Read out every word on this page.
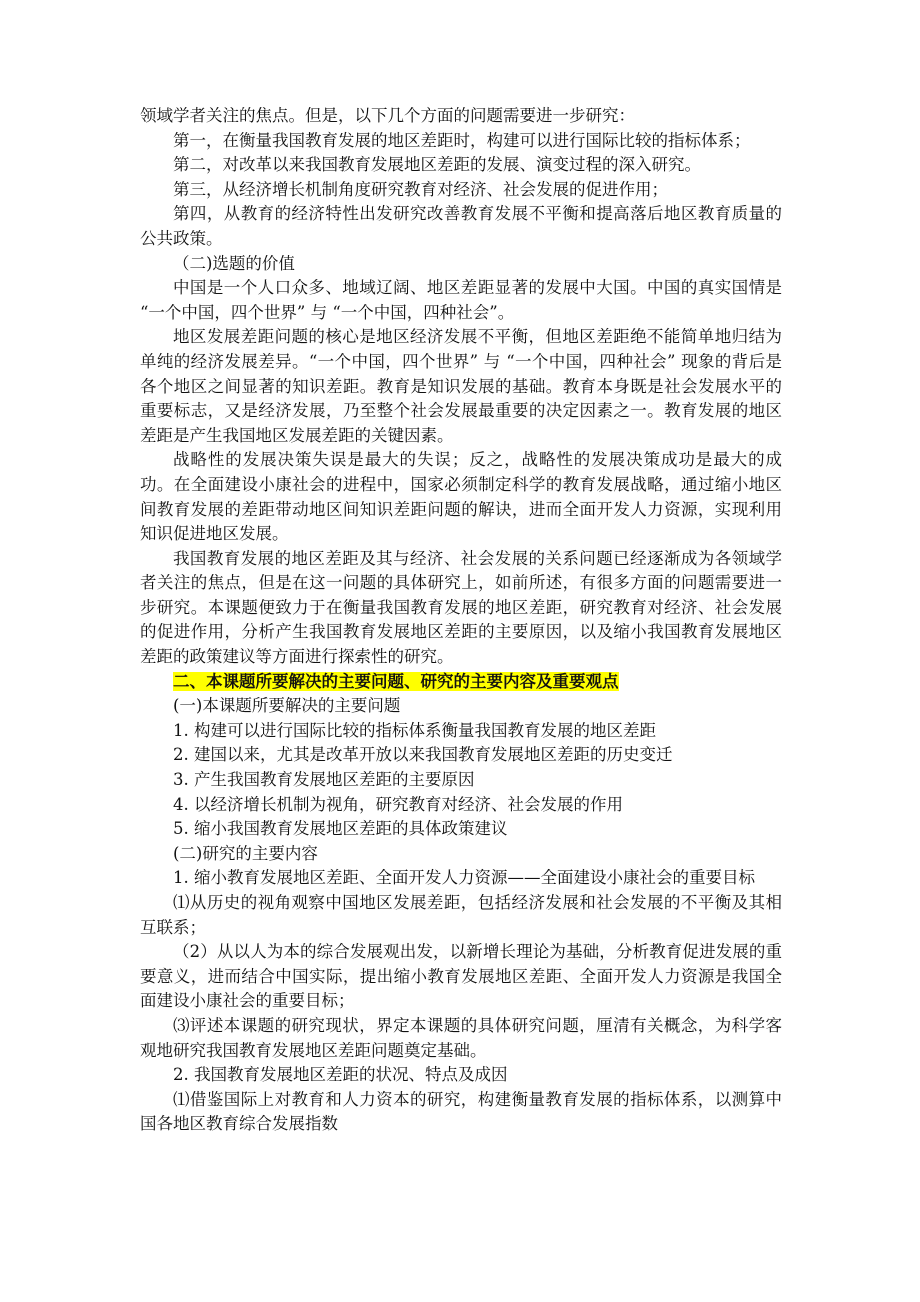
领域学者关注的焦点。但是，以下几个方面的问题需要进一步研究：

第一，在衡量我国教育发展的地区差距时，构建可以进行国际比较的指标体系；

第二，对改革以来我国教育发展地区差距的发展、演变过程的深入研究。

第三，从经济增长机制角度研究教育对经济、社会发展的促进作用；

第四，从教育的经济特性出发研究改善教育发展不平衡和提高落后地区教育质量的公共政策。

（二)选题的价值

中国是一个人口众多、地域辽阔、地区差距显著的发展中大国。中国的真实国情是 “一个中国，四个世界” 与 “一个中国，四种社会”。

地区发展差距问题的核心是地区经济发展不平衡，但地区差距绝不能简单地归结为单纯的经济发展差异。“一个中国，四个世界” 与 “一个中国，四种社会” 现象的背后是各个地区之间显著的知识差距。教育是知识发展的基础。教育本身既是社会发展水平的重要标志，又是经济发展，乃至整个社会发展最重要的决定因素之一。教育发展的地区差距是产生我国地区发展差距的关键因素。

战略性的发展决策失误是最大的失误；反之，战略性的发展决策成功是最大的成功。在全面建设小康社会的进程中，国家必须制定科学的教育发展战略，通过缩小地区间教育发展的差距带动地区间知识差距问题的解诀，进而全面开发人力资源，实现利用知识促进地区发展。

我国教育发展的地区差距及其与经济、社会发展的关系问题已经逐渐成为各领域学者关注的焦点，但是在这一问题的具体研究上，如前所述，有很多方面的问题需要进一步研究。本课题便致力于在衡量我国教育发展的地区差距，研究教育对经济、社会发展的促进作用，分析产生我国教育发展地区差距的主要原因，以及缩小我国教育发展地区差距的政策建议等方面进行探索性的研究。

二、本课题所要解决的主要问题、研究的主要内容及重要观点

(一)本课题所要解决的主要问题

1. 构建可以进行国际比较的指标体系衡量我国教育发展的地区差距

2. 建国以来，尤其是改革开放以来我国教育发展地区差距的历史变迁

3. 产生我国教育发展地区差距的主要原因

4. 以经济增长机制为视角，研究教育对经济、社会发展的作用

5. 缩小我国教育发展地区差距的具体政策建议

(二)研究的主要内容

1. 缩小教育发展地区差距、全面开发人力资源——全面建设小康社会的重要目标

⑴从历史的视角观察中国地区发展差距，包括经济发展和社会发展的不平衡及其相互联系；

（2）从以人为本的综合发展观出发，以新增长理论为基础，分析教育促进发展的重要意义，进而结合中国实际，提出缩小教育发展地区差距、全面开发人力资源是我国全面建设小康社会的重要目标；

⑶评述本课题的研究现状，界定本课题的具体研究问题，厘清有关概念，为科学客观地研究我国教育发展地区差距问题奠定基础。

2. 我国教育发展地区差距的状况、特点及成因

⑴借鉴国际上对教育和人力资本的研究，构建衡量教育发展的指标体系，以测算中国各地区教育综合发展指数
